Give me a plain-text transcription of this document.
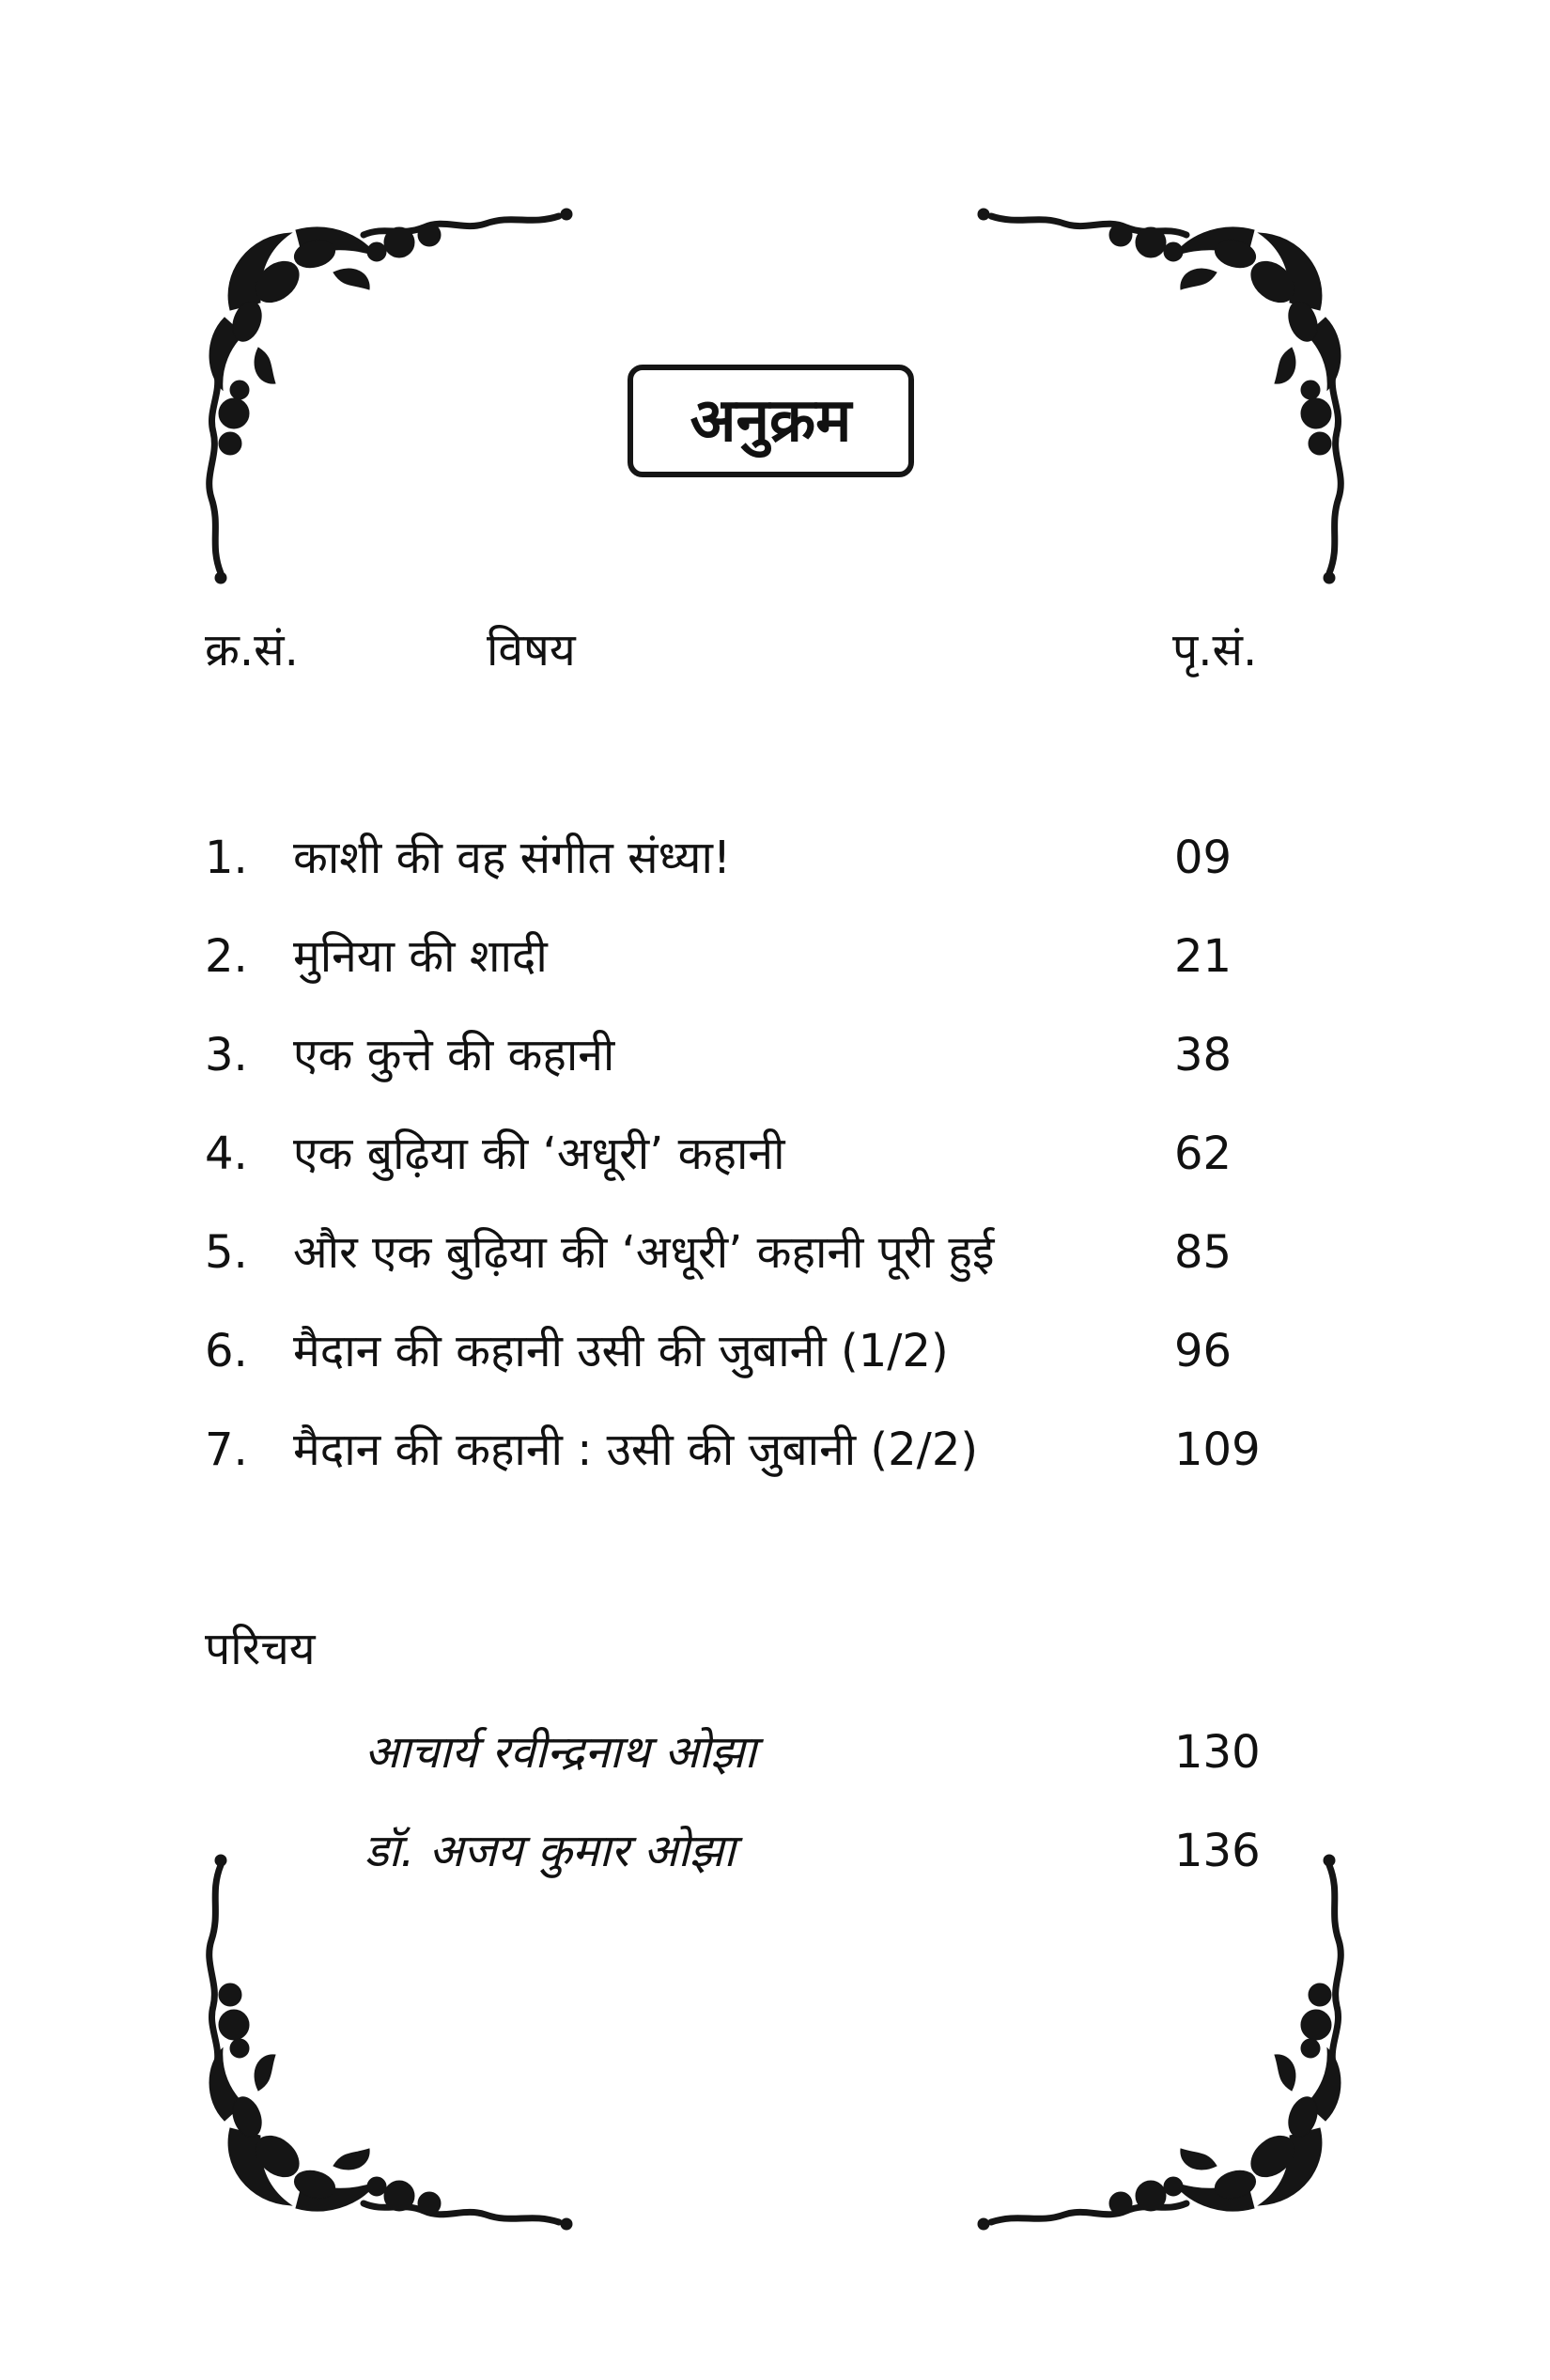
अनुक्रम
क्र.सं.	विषय	पृ.सं.
1. काशी की वह संगीत संध्या!	09
2. मुनिया की शादी	21
3. एक कुत्ते की कहानी	38
4. एक बुढ़िया की ‘अधूरी’ कहानी	62
5. और एक बुढ़िया की ‘अधूरी’ कहानी पूरी हुई	85
6. मैदान की कहानी उसी की जुबानी (1/2)	96
7. मैदान की कहानी : उसी की जुबानी (2/2)	109
परिचय
आचार्य रवीन्द्रनाथ ओझा	130
डॉ. अजय कुमार ओझा	136
